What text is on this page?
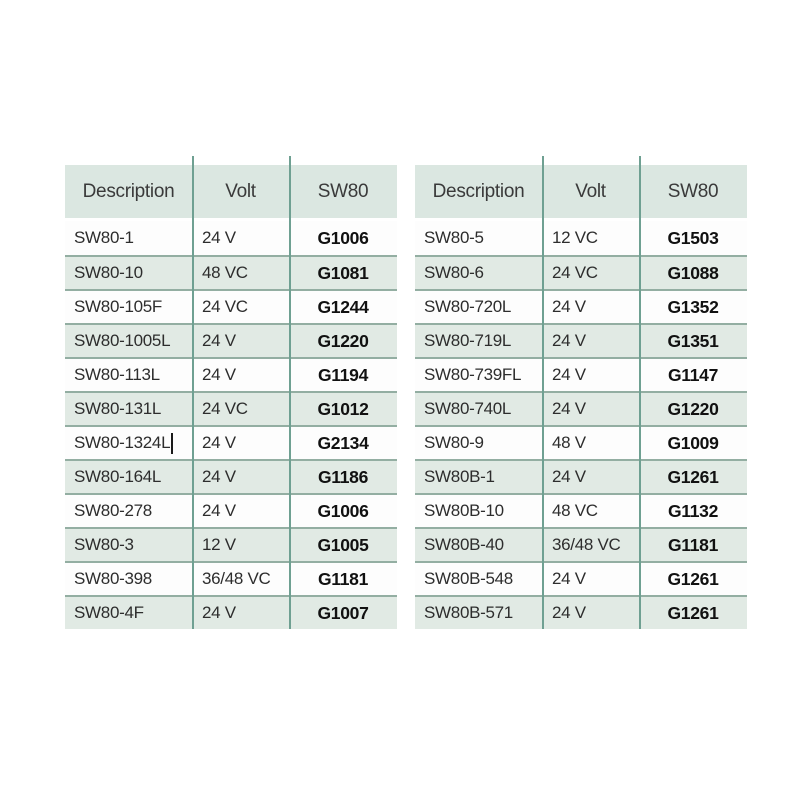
Description	Volt	SW80
SW80-1	24 V	G1006
SW80-10	48 VC	G1081
SW80-105F	24 VC	G1244
SW80-1005L	24 V	G1220
SW80-113L	24 V	G1194
SW80-131L	24 VC	G1012
SW80-1324L	24 V	G2134
SW80-164L	24 V	G1186
SW80-278	24 V	G1006
SW80-3	12 V	G1005
SW80-398	36/48 VC	G1181
SW80-4F	24 V	G1007
Description	Volt	SW80
SW80-5	12 VC	G1503
SW80-6	24 VC	G1088
SW80-720L	24 V	G1352
SW80-719L	24 V	G1351
SW80-739FL	24 V	G1147
SW80-740L	24 V	G1220
SW80-9	48 V	G1009
SW80B-1	24 V	G1261
SW80B-10	48 VC	G1132
SW80B-40	36/48 VC	G1181
SW80B-548	24 V	G1261
SW80B-571	24 V	G1261
